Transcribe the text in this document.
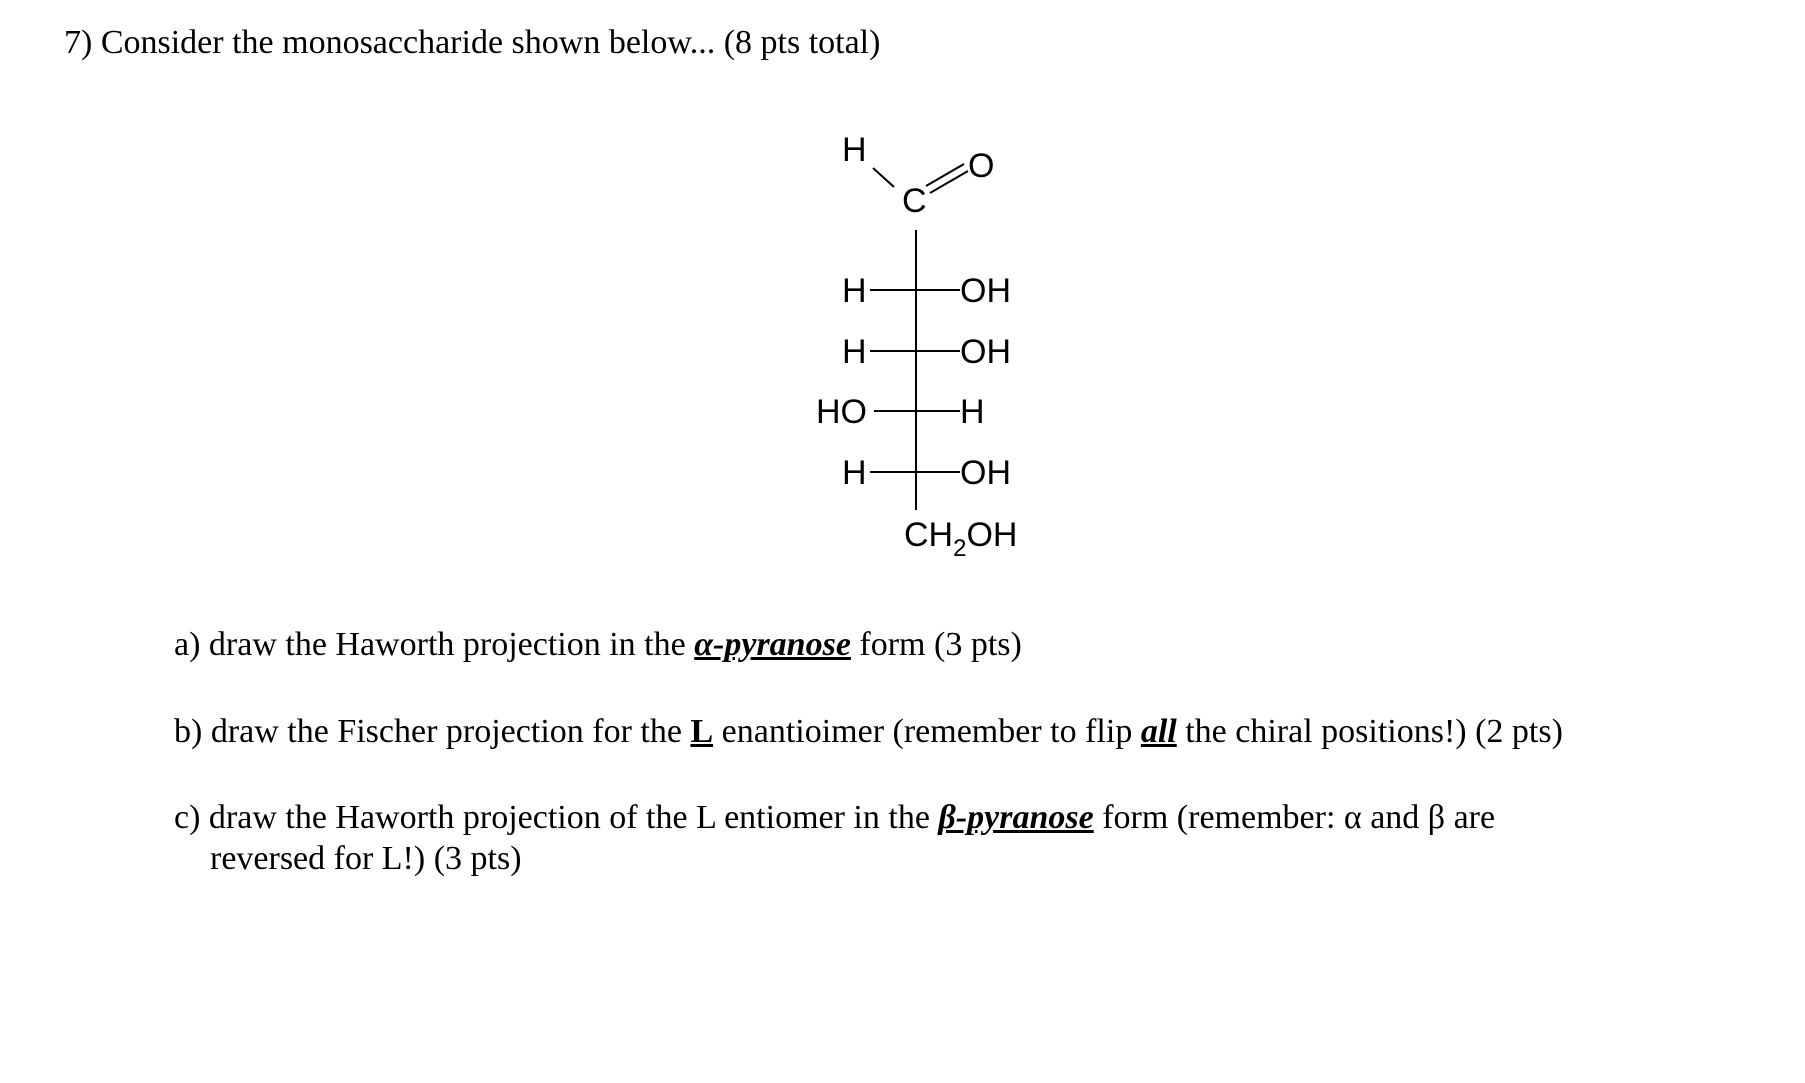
7) Consider the monosaccharide shown below... (8 pts total)
H
C
O
H	OH
H	OH
HO	H
H	OH
$CH_2OH$
a) draw the Haworth projection in the α-pyranose form (3 pts)
b) draw the Fischer projection for the L enantioimer (remember to flip all the chiral positions!) (2 pts)
c) draw the Haworth projection of the L entiomer in the β-pyranose form (remember: α and β are
reversed for L!) (3 pts)
